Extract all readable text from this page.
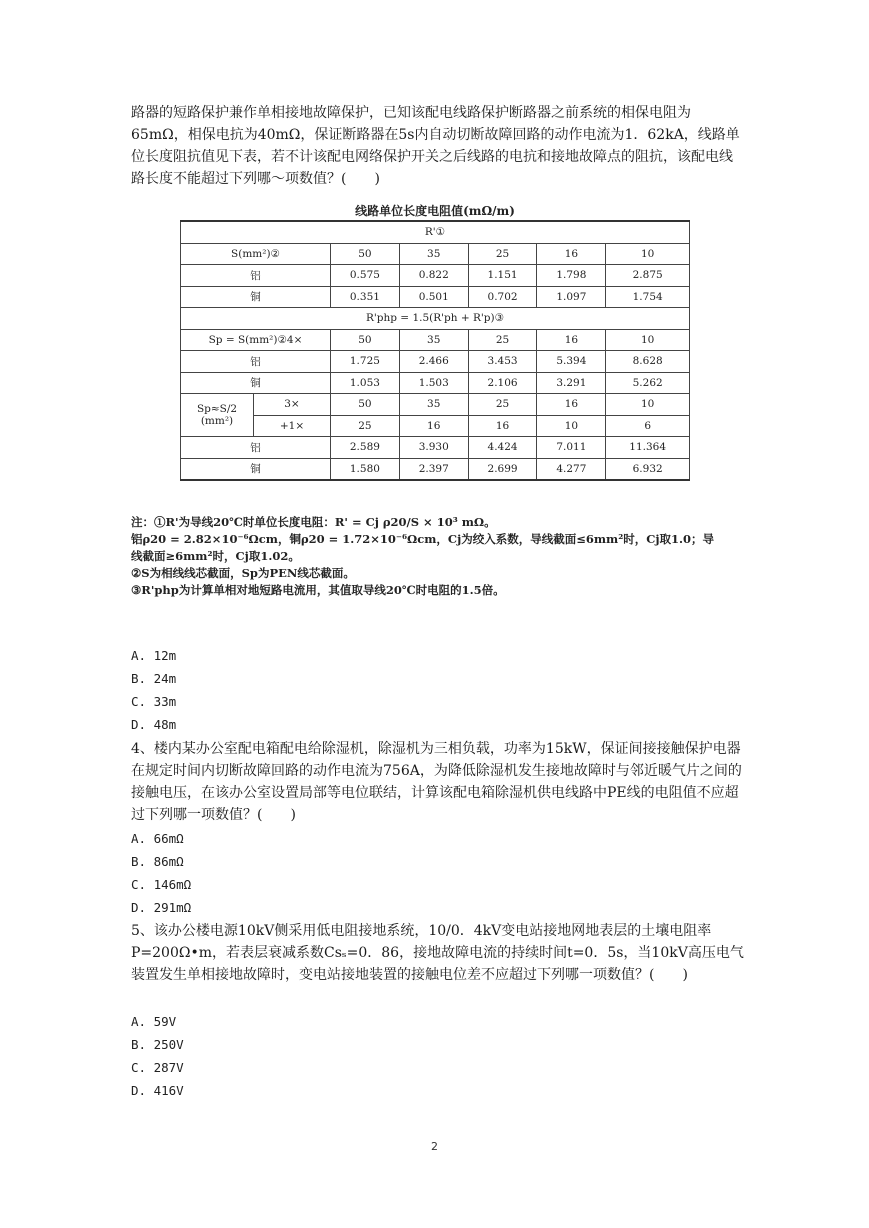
路器的短路保护兼作单相接地故障保护，已知该配电线路保护断路器之前系统的相保电阻为65mΩ，相保电抗为40mΩ，保证断路器在5s内自动切断故障回路的动作电流为1．62kA，线路单位长度阻抗值见下表，若不计该配电网络保护开关之后线路的电抗和接地故障点的阻抗，该配电线路长度不能超过下列哪～项数值？(　　)

线路单位长度电阻值(mΩ/m)
R'①						
S(mm²)②		50	35	25	16	10
铝		0.575	0.822	1.151	1.798	2.875
铜		0.351	0.501	0.702	1.097	1.754
R'php = 1.5(R'ph + R'p)③						
Sp = S(mm²)②4×		50	35	25	16	10
铝		1.725	2.466	3.453	5.394	8.628
铜		1.053	1.503	2.106	3.291	5.262
Sp≈S/2
(mm²)	3×	50	35	25	16	10
	+1×	25	16	16	10	6
铝		2.589	3.930	4.424	7.011	11.364
铜		1.580	2.397	2.699	4.277	6.932
注：①R'为导线20℃时单位长度电阻：R' = Cj ρ20/S × 10³ mΩ。
铝ρ20 = 2.82×10⁻⁶Ωcm，铜ρ20 = 1.72×10⁻⁶Ωcm，Cj为绞入系数，导线截面≤6mm²时，Cj取1.0；导
线截面≥6mm²时，Cj取1.02。
②S为相线线芯截面，Sp为PEN线芯截面。
③R'php为计算单相对地短路电流用，其值取导线20℃时电阻的1.5倍。
A. 12m
B. 24m
C. 33m
D. 48m

4、楼内某办公室配电箱配电给除湿机，除湿机为三相负载，功率为15kW，保证间接接触保护电器在规定时间内切断故障回路的动作电流为756A，为降低除湿机发生接地故障时与邻近暖气片之间的接触电压，在该办公室设置局部等电位联结，计算该配电箱除湿机供电线路中PE线的电阻值不应超过下列哪一项数值？(　　)

A. 66mΩ
B. 86mΩ
C. 146mΩ
D. 291mΩ

5、该办公楼电源10kV侧采用低电阻接地系统，10/0．4kV变电站接地网地表层的土壤电阻率P=200Ω•m，若表层衰减系数Csₛ=0．86，接地故障电流的持续时间t=0．5s，当10kV高压电气装置发生单相接地故障时，变电站接地装置的接触电位差不应超过下列哪一项数值？(　　)

A. 59V
B. 250V
C. 287V
D. 416V
2
